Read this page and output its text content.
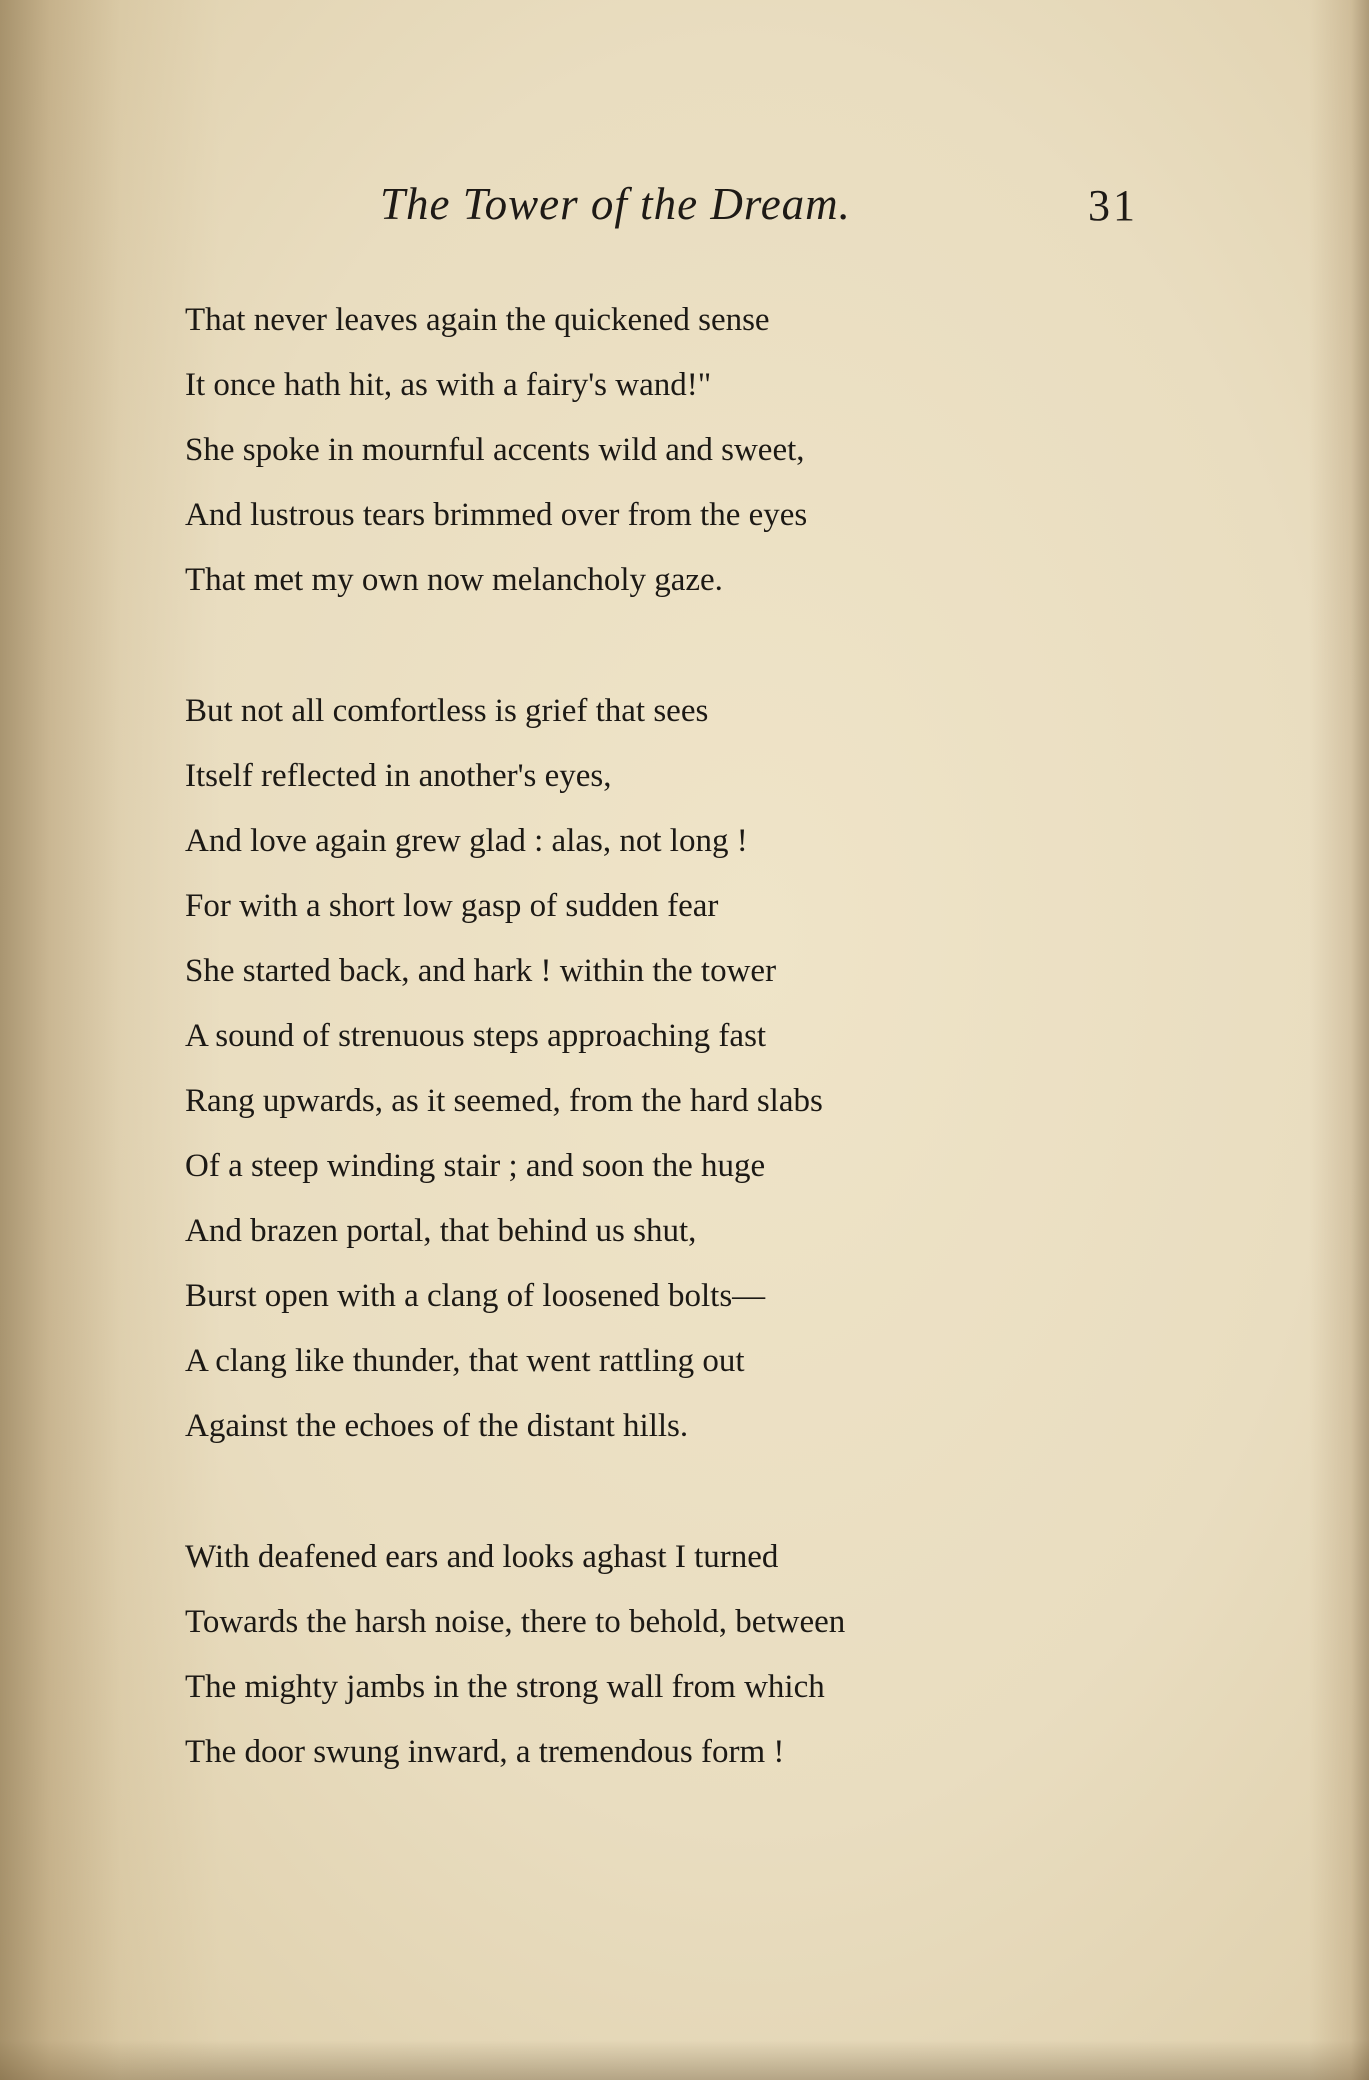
The Tower of the Dream.	31
That never leaves again the quickened sense
It once hath hit, as with a fairy's wand!"
She spoke in mournful accents wild and sweet,
And lustrous tears brimmed over from the eyes
That met my own now melancholy gaze.
But not all comfortless is grief that sees
Itself reflected in another's eyes,
And love again grew glad : alas, not long !
For with a short low gasp of sudden fear
She started back, and hark ! within the tower
A sound of strenuous steps approaching fast
Rang upwards, as it seemed, from the hard slabs
Of a steep winding stair ; and soon the huge
And brazen portal, that behind us shut,
Burst open with a clang of loosened bolts—
A clang like thunder, that went rattling out
Against the echoes of the distant hills.
With deafened ears and looks aghast I turned
Towards the harsh noise, there to behold, between
The mighty jambs in the strong wall from which
The door swung inward, a tremendous form !
